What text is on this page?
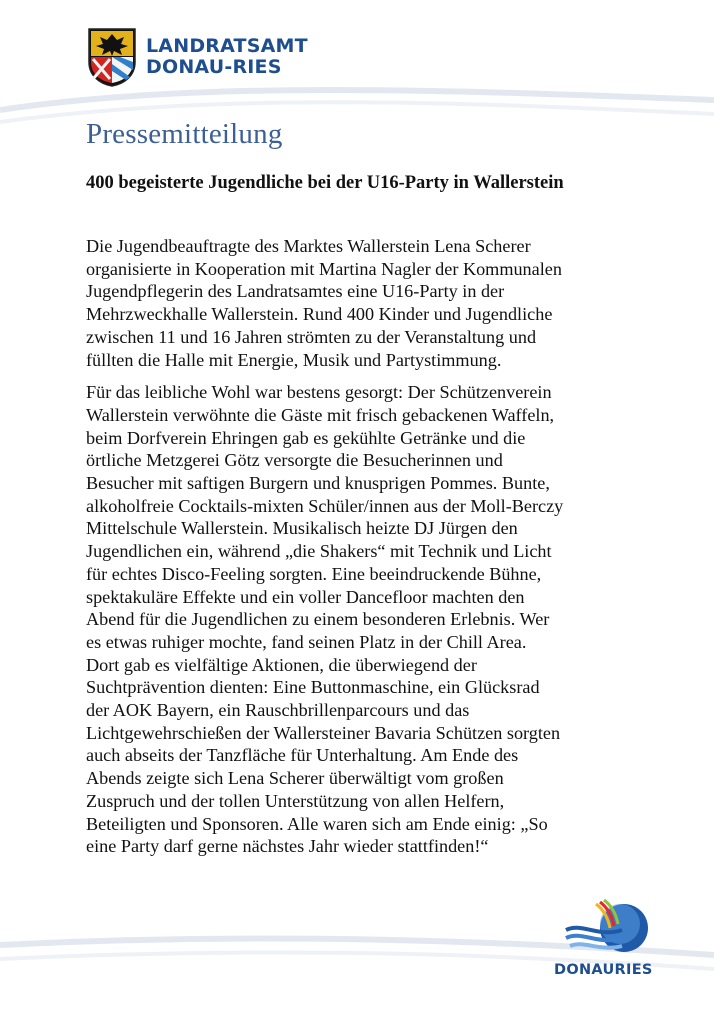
LANDRATSAMT
DONAU-RIES
Pressemitteilung
400 begeisterte Jugendliche bei der U16-Party in Wallerstein

Die Jugendbeauftragte des Marktes Wallerstein Lena Scherer
organisierte in Kooperation mit Martina Nagler der Kommunalen
Jugendpflegerin des Landratsamtes eine U16-Party in der
Mehrzweckhalle Wallerstein. Rund 400 Kinder und Jugendliche
zwischen 11 und 16 Jahren strömten zu der Veranstaltung und
füllten die Halle mit Energie, Musik und Partystimmung.

Für das leibliche Wohl war bestens gesorgt: Der Schützenverein
Wallerstein verwöhnte die Gäste mit frisch gebackenen Waffeln,
beim Dorfverein Ehringen gab es gekühlte Getränke und die
örtliche Metzgerei Götz versorgte die Besucherinnen und
Besucher mit saftigen Burgern und knusprigen Pommes. Bunte,
alkoholfreie Cocktails-mixten Schüler/innen aus der Moll-Berczy
Mittelschule Wallerstein. Musikalisch heizte DJ Jürgen den
Jugendlichen ein, während „die Shakers“ mit Technik und Licht
für echtes Disco-Feeling sorgten. Eine beeindruckende Bühne,
spektakuläre Effekte und ein voller Dancefloor machten den
Abend für die Jugendlichen zu einem besonderen Erlebnis. Wer
es etwas ruhiger mochte, fand seinen Platz in der Chill Area.
Dort gab es vielfältige Aktionen, die überwiegend der
Suchtprävention dienten: Eine Buttonmaschine, ein Glücksrad
der AOK Bayern, ein Rauschbrillenparcours und das
Lichtgewehrschießen der Wallersteiner Bavaria Schützen sorgten
auch abseits der Tanzfläche für Unterhaltung. Am Ende des
Abends zeigte sich Lena Scherer überwältigt vom großen
Zuspruch und der tollen Unterstützung von allen Helfern,
Beteiligten und Sponsoren. Alle waren sich am Ende einig: „So
eine Party darf gerne nächstes Jahr wieder stattfinden!“

DONAURIES
